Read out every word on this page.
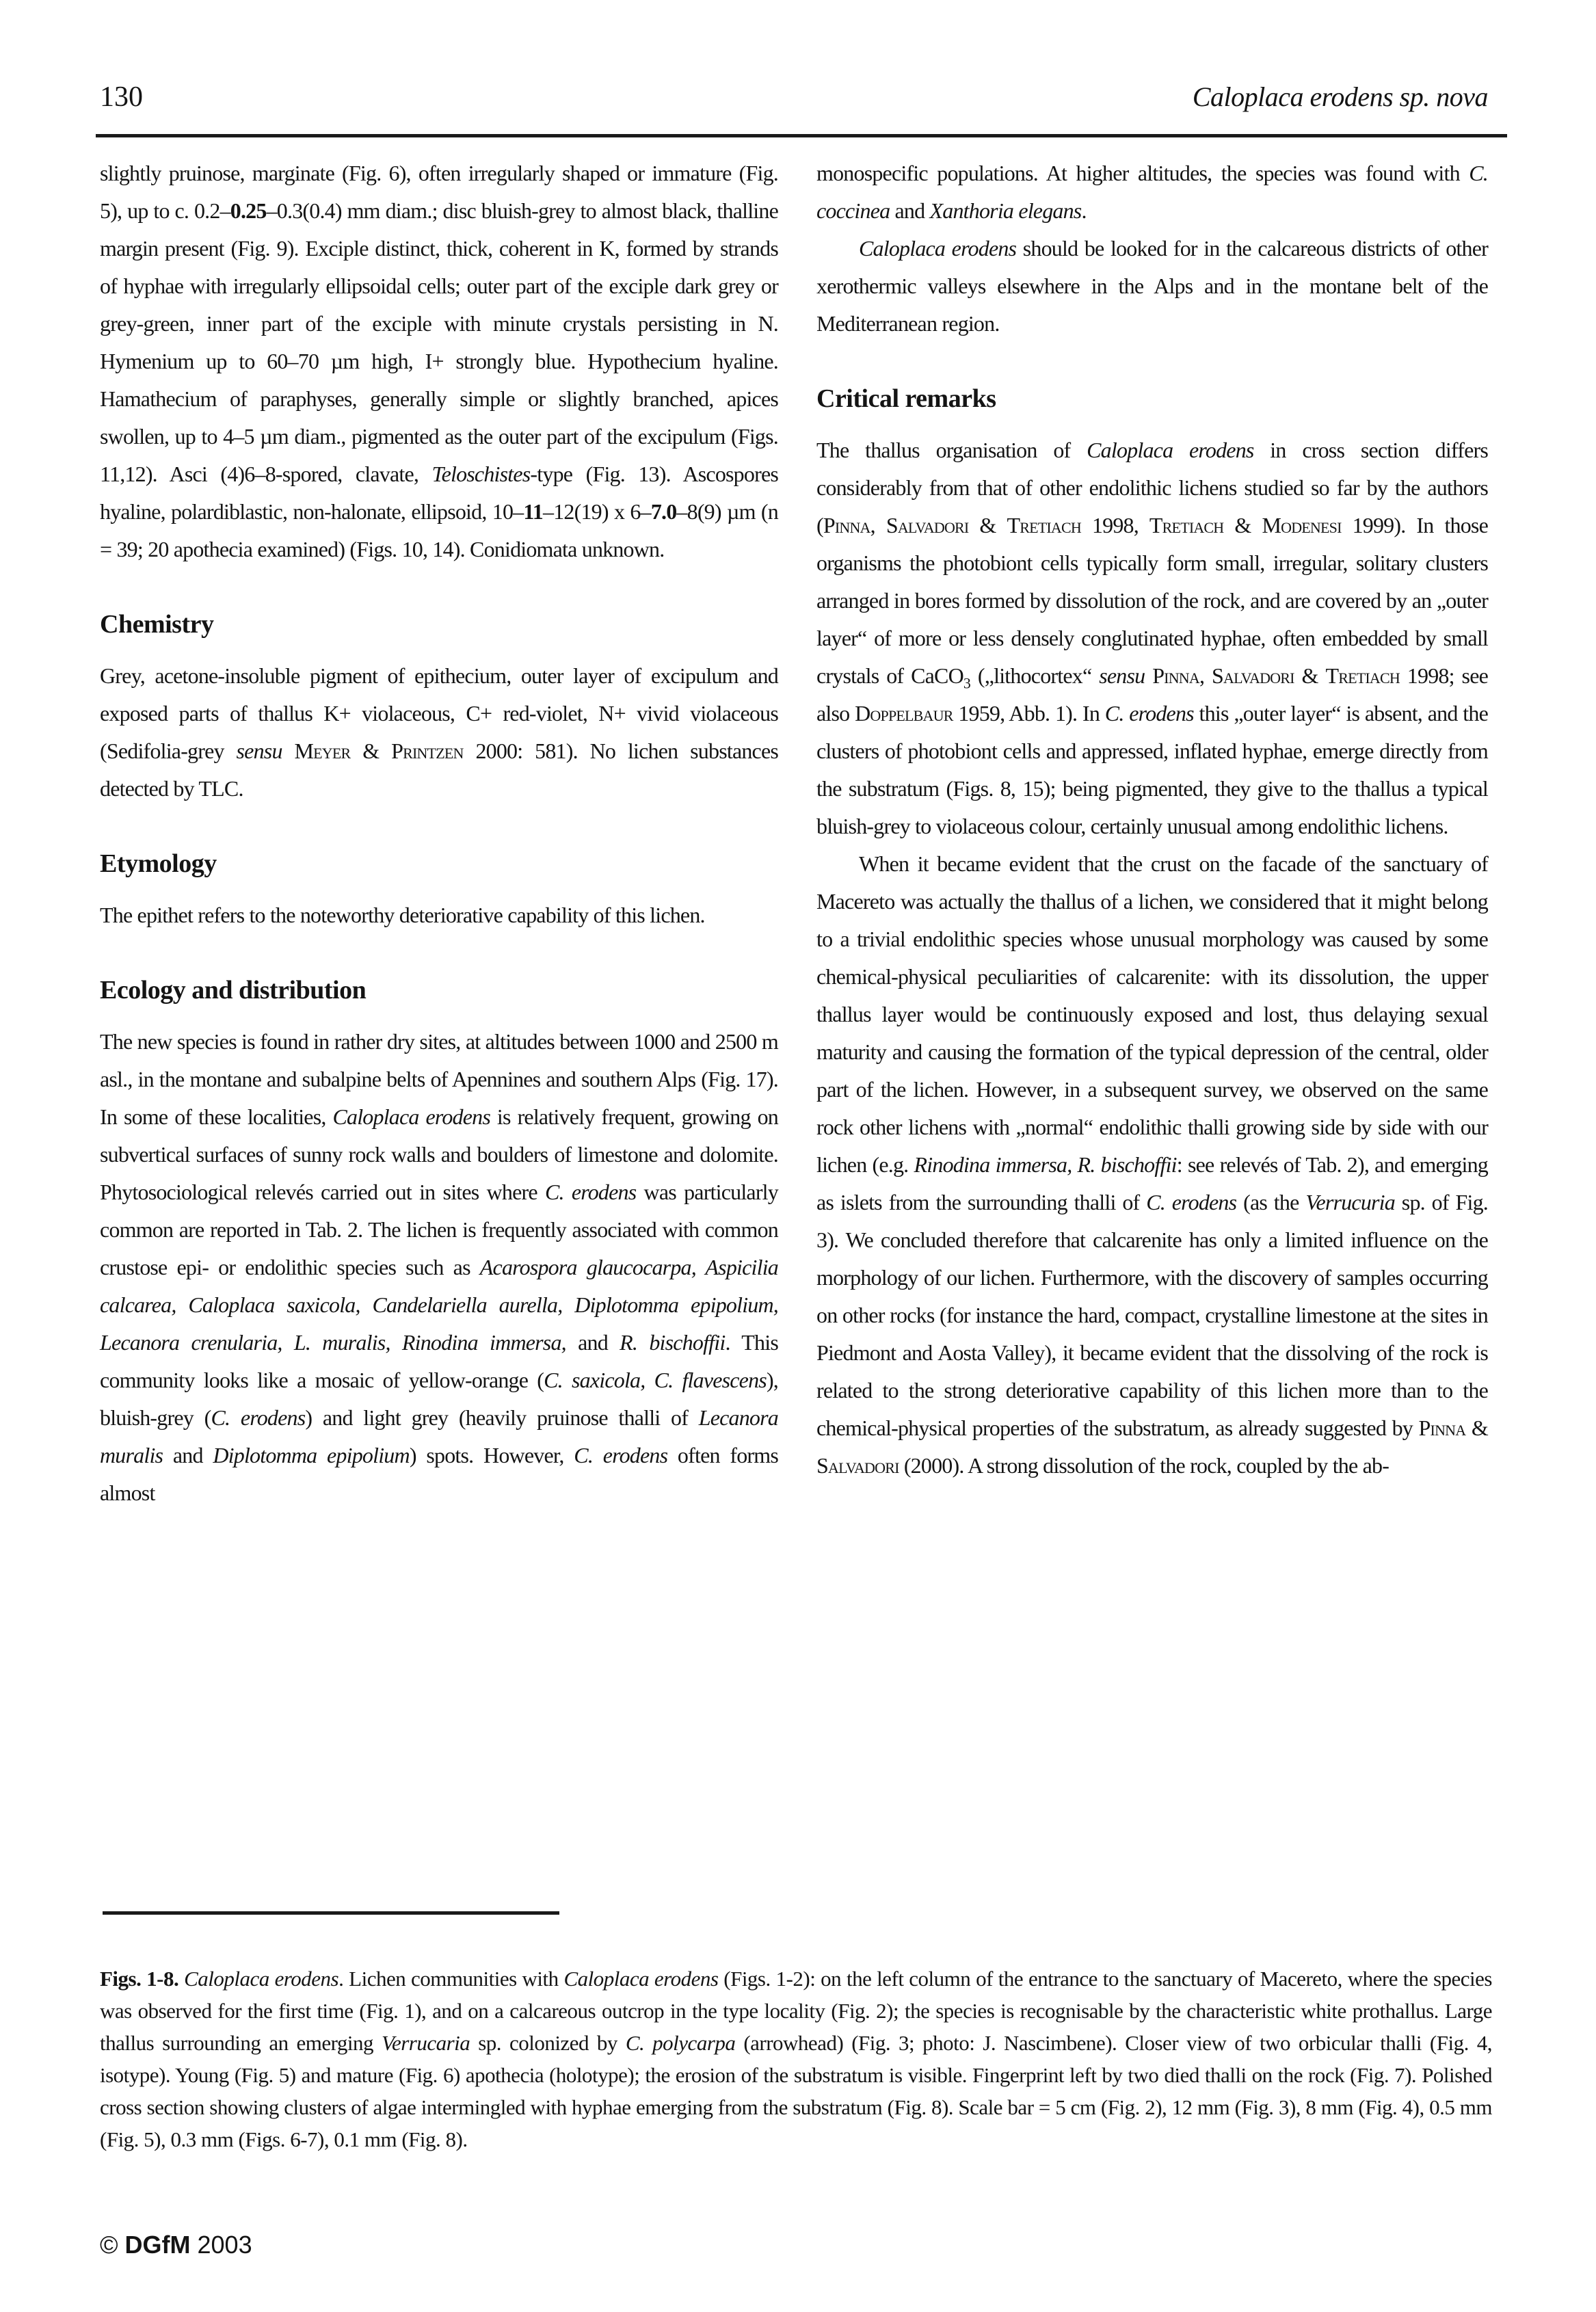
130	Caloplaca erodens sp. nova

slightly pruinose, marginate (Fig. 6), often irregularly shaped or immature (Fig. 5), up to c. 0.2–0.25–0.3(0.4) mm diam.; disc bluish-grey to almost black, thalline margin present (Fig. 9). Exciple distinct, thick, coherent in K, formed by strands of hyphae with irregularly ellipsoidal cells; outer part of the exciple dark grey or grey-green, inner part of the exciple with minute crystals persisting in N. Hymenium up to 60–70 µm high, I+ strongly blue. Hypothecium hyaline. Hamathecium of paraphyses, generally simple or slightly branched, apices swollen, up to 4–5 µm diam., pigmented as the outer part of the excipulum (Figs. 11,12). Asci (4)6–8-spored, clavate, Teloschistes-type (Fig. 13). Ascospores hyaline, polardiblastic, non-halonate, ellipsoid, 10–11–12(19) x 6–7.0–8(9) µm (n = 39; 20 apothecia examined) (Figs. 10, 14). Conidiomata unknown.

Chemistry

Grey, acetone-insoluble pigment of epithecium, outer layer of excipulum and exposed parts of thallus K+ violaceous, C+ red-violet, N+ vivid violaceous (Sedifolia-grey sensu Meyer & Printzen 2000: 581). No lichen substances detected by TLC.

Etymology

The epithet refers to the noteworthy deteriorative capability of this lichen.

Ecology and distribution

The new species is found in rather dry sites, at altitudes between 1000 and 2500 m asl., in the montane and subalpine belts of Apennines and southern Alps (Fig. 17). In some of these localities, Caloplaca erodens is relatively frequent, growing on subvertical surfaces of sunny rock walls and boulders of limestone and dolomite. Phytosociological relevés carried out in sites where C. erodens was particularly common are reported in Tab. 2. The lichen is frequently associated with common crustose epi- or endolithic species such as Acarospora glaucocarpa, Aspicilia calcarea, Caloplaca saxicola, Candelariella aurella, Diplotomma epipolium, Lecanora crenularia, L. muralis, Rinodina immersa, and R. bischoffii. This community looks like a mosaic of yellow-orange (C. saxicola, C. flavescens), bluish-grey (C. erodens) and light grey (heavily pruinose thalli of Lecanora muralis and Diplotomma epipolium) spots. However, C. erodens often forms almost

monospecific populations. At higher altitudes, the species was found with C. coccinea and Xanthoria elegans.

Caloplaca erodens should be looked for in the calcareous districts of other xerothermic valleys elsewhere in the Alps and in the montane belt of the Mediterranean region.

Critical remarks

The thallus organisation of Caloplaca erodens in cross section differs considerably from that of other endolithic lichens studied so far by the authors (Pinna, Salvadori & Tretiach 1998, Tretiach & Modenesi 1999). In those organisms the photobiont cells typically form small, irregular, solitary clusters arranged in bores formed by dissolution of the rock, and are covered by an „outer layer“ of more or less densely conglutinated hyphae, often embedded by small crystals of CaCO$_3$ („lithocortex“ sensu Pinna, Salvadori & Tretiach 1998; see also Doppelbaur 1959, Abb. 1). In C. erodens this „outer layer“ is absent, and the clusters of photobiont cells and appressed, inflated hyphae, emerge directly from the substratum (Figs. 8, 15); being pigmented, they give to the thallus a typical bluish-grey to violaceous colour, certainly unusual among endolithic lichens.

When it became evident that the crust on the facade of the sanctuary of Macereto was actually the thallus of a lichen, we considered that it might belong to a trivial endolithic species whose unusual morphology was caused by some chemical-physical peculiarities of calcarenite: with its dissolution, the upper thallus layer would be continuously exposed and lost, thus delaying sexual maturity and causing the formation of the typical depression of the central, older part of the lichen. However, in a subsequent survey, we observed on the same rock other lichens with „normal“ endolithic thalli growing side by side with our lichen (e.g. Rinodina immersa, R. bischoffii: see relevés of Tab. 2), and emerging as islets from the surrounding thalli of C. erodens (as the Verrucuria sp. of Fig. 3). We concluded therefore that calcarenite has only a limited influence on the morphology of our lichen. Furthermore, with the discovery of samples occurring on other rocks (for instance the hard, compact, crystalline limestone at the sites in Piedmont and Aosta Valley), it became evident that the dissolving of the rock is related to the strong deteriorative capability of this lichen more than to the chemical-physical properties of the substratum, as already suggested by Pinna & Salvadori (2000). A strong dissolution of the rock, coupled by the ab-

Figs. 1-8. Caloplaca erodens. Lichen communities with Caloplaca erodens (Figs. 1-2): on the left column of the entrance to the sanctuary of Macereto, where the species was observed for the first time (Fig. 1), and on a calcareous outcrop in the type locality (Fig. 2); the species is recognisable by the characteristic white prothallus. Large thallus surrounding an emerging Verrucaria sp. colonized by C. polycarpa (arrowhead) (Fig. 3; photo: J. Nascimbene). Closer view of two orbicular thalli (Fig. 4, isotype). Young (Fig. 5) and mature (Fig. 6) apothecia (holotype); the erosion of the substratum is visible. Fingerprint left by two died thalli on the rock (Fig. 7). Polished cross section showing clusters of algae intermingled with hyphae emerging from the substratum (Fig. 8). Scale bar = 5 cm (Fig. 2), 12 mm (Fig. 3), 8 mm (Fig. 4), 0.5 mm (Fig. 5), 0.3 mm (Figs. 6-7), 0.1 mm (Fig. 8).

© DGfM 2003
